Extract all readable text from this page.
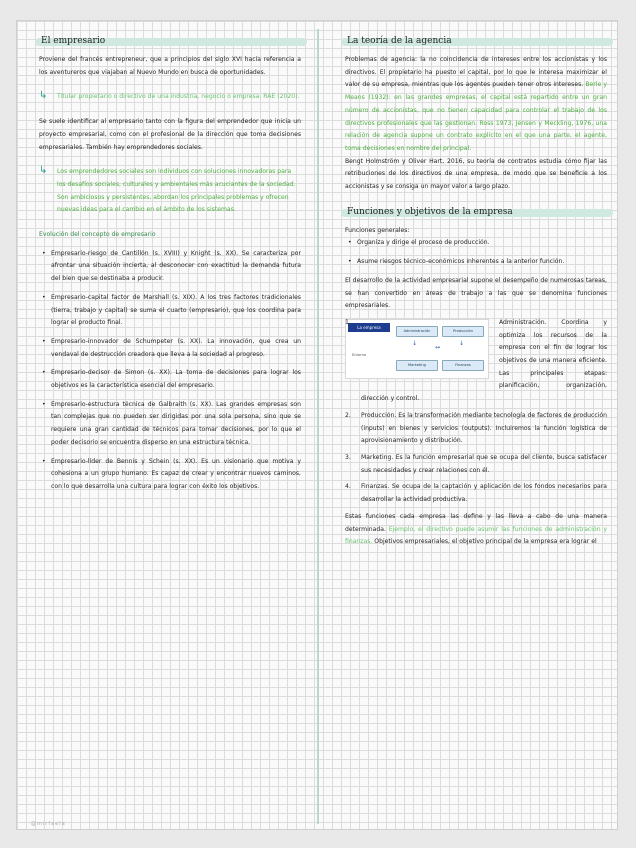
El empresario

Proviene del francés entrepreneur, que a principios del siglo XVI hacía referencia a los aventureros que viajaban al Nuevo Mundo en busca de oportunidades.

↳ Titular propietario o directivo de una industria, negocio o empresa. RAE (2020).

Se suele identificar al empresario tanto con la figura del emprendedor que inicia un proyecto empresarial, como con el profesional de la dirección que toma decisiones empresariales. También hay emprendedores sociales.

↳ Los emprendedores sociales son individuos con soluciones innovadoras para los desafíos sociales, culturales y ambientales más acuciantes de la sociedad. Son ambiciosos y persistentes, abordan los principales problemas y ofrecen nuevas ideas para el cambio en el ámbito de los sistemas.
Evolución del concepto de empresario
• Empresario-riesgo de Cantillón (s. XVIII) y Knight (s. XX). Se caracteriza por afrontar una situación incierta, al desconocer con exactitud la demanda futura del bien que se destinaba a producir.
• Empresario-capital factor de Marshall (s. XIX). A los tres factores tradicionales (tierra, trabajo y capital) se suma el cuarto (empresario), que los coordina para lograr el producto final.
• Empresario-innovador de Schumpeter (s. XX). La innovación, que crea un vendaval de destrucción creadora que lleva a la sociedad al progreso.
• Empresario-decisor de Simon (s. XX). La toma de decisiones para lograr los objetivos es la característica esencial del empresario.
• Empresario-estructura técnica de Galbraith (s. XX). Las grandes empresas son tan complejas que no pueden ser dirigidas por una sola persona, sino que se requiere una gran cantidad de técnicos para tomar decisiones, por lo que el poder decisorio se encuentra disperso en una estructura técnica.
• Empresario-líder de Bennis y Schein (s. XX). Es un visionario que motiva y cohesiona a un grupo humano. Es capaz de crear y encontrar nuevos caminos, con lo que desarrolla una cultura para lograr con éxito los objetivos.
La teoría de la agencia

Problemas de agencia: la no coincidencia de intereses entre los accionistas y los directivos. El propietario ha puesto el capital, por lo que le interesa maximizar el valor de su empresa, mientras que los agentes pueden tener otros intereses. Berle y Means (1932): en las grandes empresas, el capital está repartido entre un gran número de accionistas, que no tienen capacidad para controlar el trabajo de los directivos profesionales que las gestionan. Ross 1973, Jensen y Meckling, 1976, una relación de agencia supone un contrato explícito en el que una parte, el agente, toma decisiones en nombre del principal.

Bengt Holmström y Oliver Hart, 2016, su teoría de contratos estudia cómo fijar las retribuciones de los directivos de una empresa, de modo que se beneficie a los accionistas y se consiga un mayor valor a largo plazo.

Funciones y objetivos de la empresa
Funciones generales:
• Organiza y dirige el proceso de producción.
• Asume riesgos técnico-económicos inherentes a la anterior función.

El desarrollo de la actividad empresarial supone el desempeño de numerosas tareas, se han convertido en áreas de trabajo a las que se denomina funciones empresariales.

La empresa
Entorno
Administración	Producción
Marketing	Finanzas
↓	↓
↔
1.	Administración. Coordina y optimiza los recursos de la empresa con el fin de lograr los objetivos de una manera eficiente. Las principales etapas: planificación, organización, dirección y control.
2. Producción. Es la transformación mediante tecnología de factores de producción (inputs) en bienes y servicios (outputs). Incluiremos la función logística de aprovisionamiento y distribución.
3. Marketing. Es la función empresarial que se ocupa del cliente, busca satisfacer sus necesidades y crear relaciones con él.
4. Finanzas. Se ocupa de la captación y aplicación de los fondos necesarios para desarrollar la actividad productiva.

Estas funciones cada empresa las define y las lleva a cabo de una manera determinada. Ejemplo, el directivo puede asumir las funciones de administración y finanzas. Objetivos empresariales, el objetivo principal de la empresa era lograr el

@mirfaela
